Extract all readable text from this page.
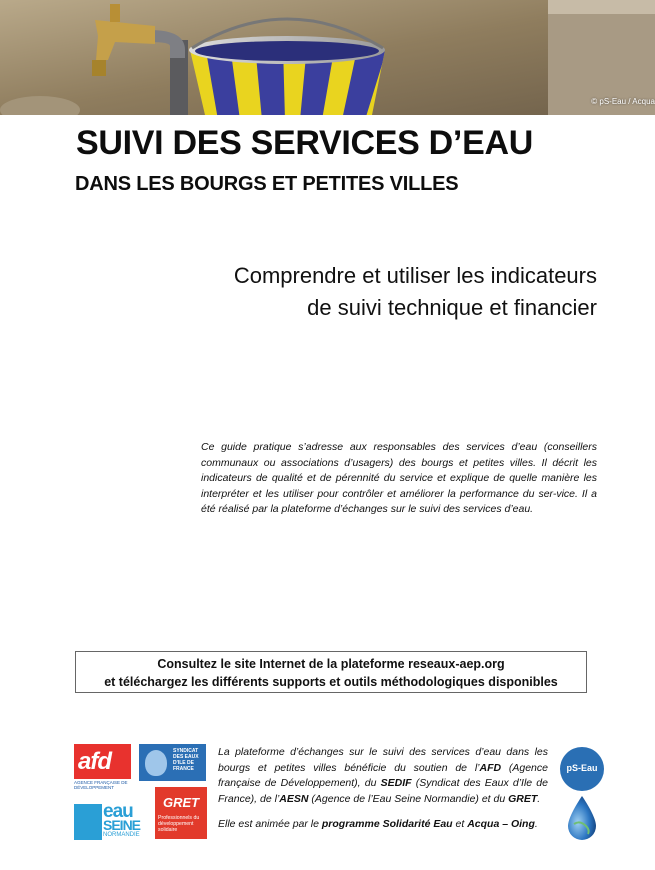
© pS-Eau / Acqua
SUIVI DES SERVICES D’EAU
DANS LES BOURGS ET PETITES VILLES
Comprendre et utiliser les indicateurs
de suivi technique et financier
Ce guide pratique s’adresse aux responsables des services d’eau (conseillers communaux ou associations d’usagers) des bourgs et petites villes. Il décrit les indicateurs de qualité et de pérennité du service et explique de quelle manière les interpréter et les utiliser pour contrôler et améliorer la performance du ser-vice. Il a été réalisé par la plateforme d’échanges sur le suivi des services d’eau.
Consultez le site Internet de la plateforme reseaux-aep.org
et téléchargez les différents supports et outils méthodologiques disponibles
afd
AGENCE FRANÇAISE DE DÉVELOPPEMENT
SYNDICAT DES EAUX D'ILE DE FRANCE
eau
SEINE
NORMANDIE
GRET
Professionnels du développement solidaire

La plateforme d’échanges sur le suivi des services d’eau dans les bourgs et petites villes bénéficie du soutien de l’AFD (Agence française de Développement), du SEDIF (Syndicat des Eaux d’Ile de France), de l’AESN (Agence de l’Eau Seine Normandie) et du GRET.

Elle est animée par le programme Solidarité Eau et Acqua – Oing.

pS-Eau
